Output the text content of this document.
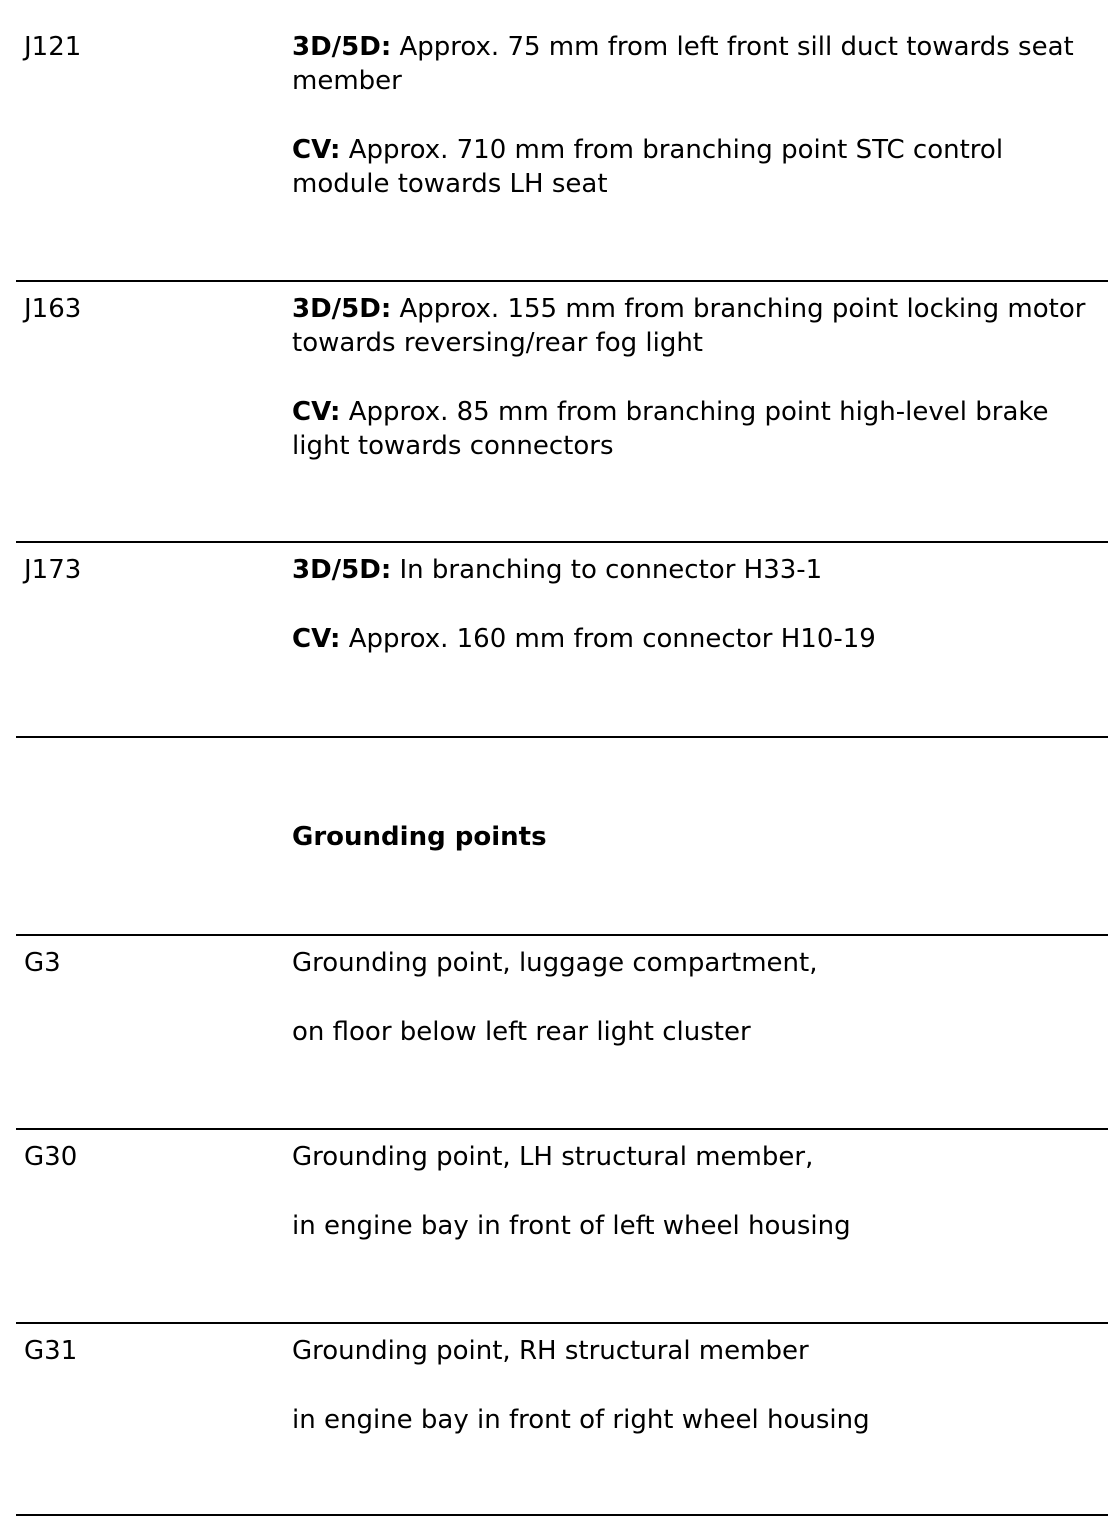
J121	3D/5D: Approx. 75 mm from left front sill duct towards seat member
CV: Approx. 710 mm from branching point STC control module towards LH seat
J163	3D/5D: Approx. 155 mm from branching point locking motor towards reversing/rear fog light
CV: Approx. 85 mm from branching point high-level brake light towards connectors
J173	3D/5D: In branching to connector H33-1
CV: Approx. 160 mm from connector H10-19
Grounding points
G3	Grounding point, luggage compartment,
on floor below left rear light cluster
G30	Grounding point, LH structural member,
in engine bay in front of left wheel housing
G31	Grounding point, RH structural member
in engine bay in front of right wheel housing
